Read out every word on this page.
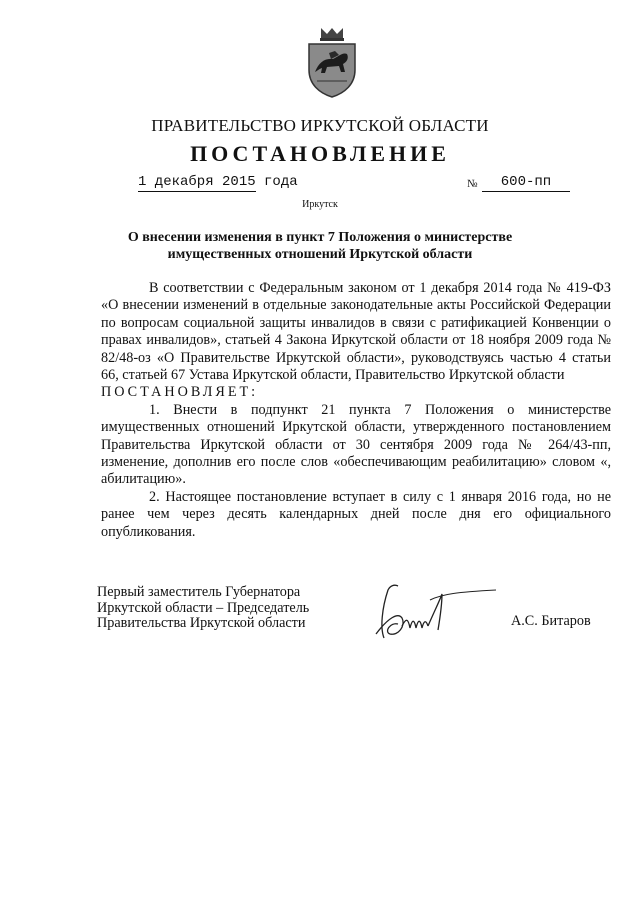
ПРАВИТЕЛЬСТВО ИРКУТСКОЙ ОБЛАСТИ
ПОСТАНОВЛЕНИЕ
1 декабря 2015 года	№	600-пп
Иркутск
О внесении изменения в пункт 7 Положения о министерстве
имущественных отношений Иркутской области

В соответствии с Федеральным законом от 1 декабря 2014 года № 419-ФЗ «О внесении изменений в отдельные законодательные акты Российской Федерации по вопросам социальной защиты инвалидов в связи с ратификацией Конвенции о правах инвалидов», статьей 4 Закона Иркутской области от 18 ноября 2009 года № 82/48-оз «О Правительстве Иркутской области», руководствуясь частью 4 статьи 66, статьей 67 Устава Иркутской области, Правительство Иркутской области

ПОСТАНОВЛЯЕТ:

1. Внести в подпункт 21 пункта 7 Положения о министерстве имущественных отношений Иркутской области, утвержденного постановлением Правительства Иркутской области от 30 сентября 2009 года № 264/43-пп, изменение, дополнив его после слов «обеспечивающим реабилитацию» словом «, абилитацию».

2. Настоящее постановление вступает в силу с 1 января 2016 года, но не ранее чем через десять календарных дней после дня его официального опубликования.

Первый заместитель Губернатора
Иркутской области – Председатель
Правительства Иркутской области	А.С. Битаров
